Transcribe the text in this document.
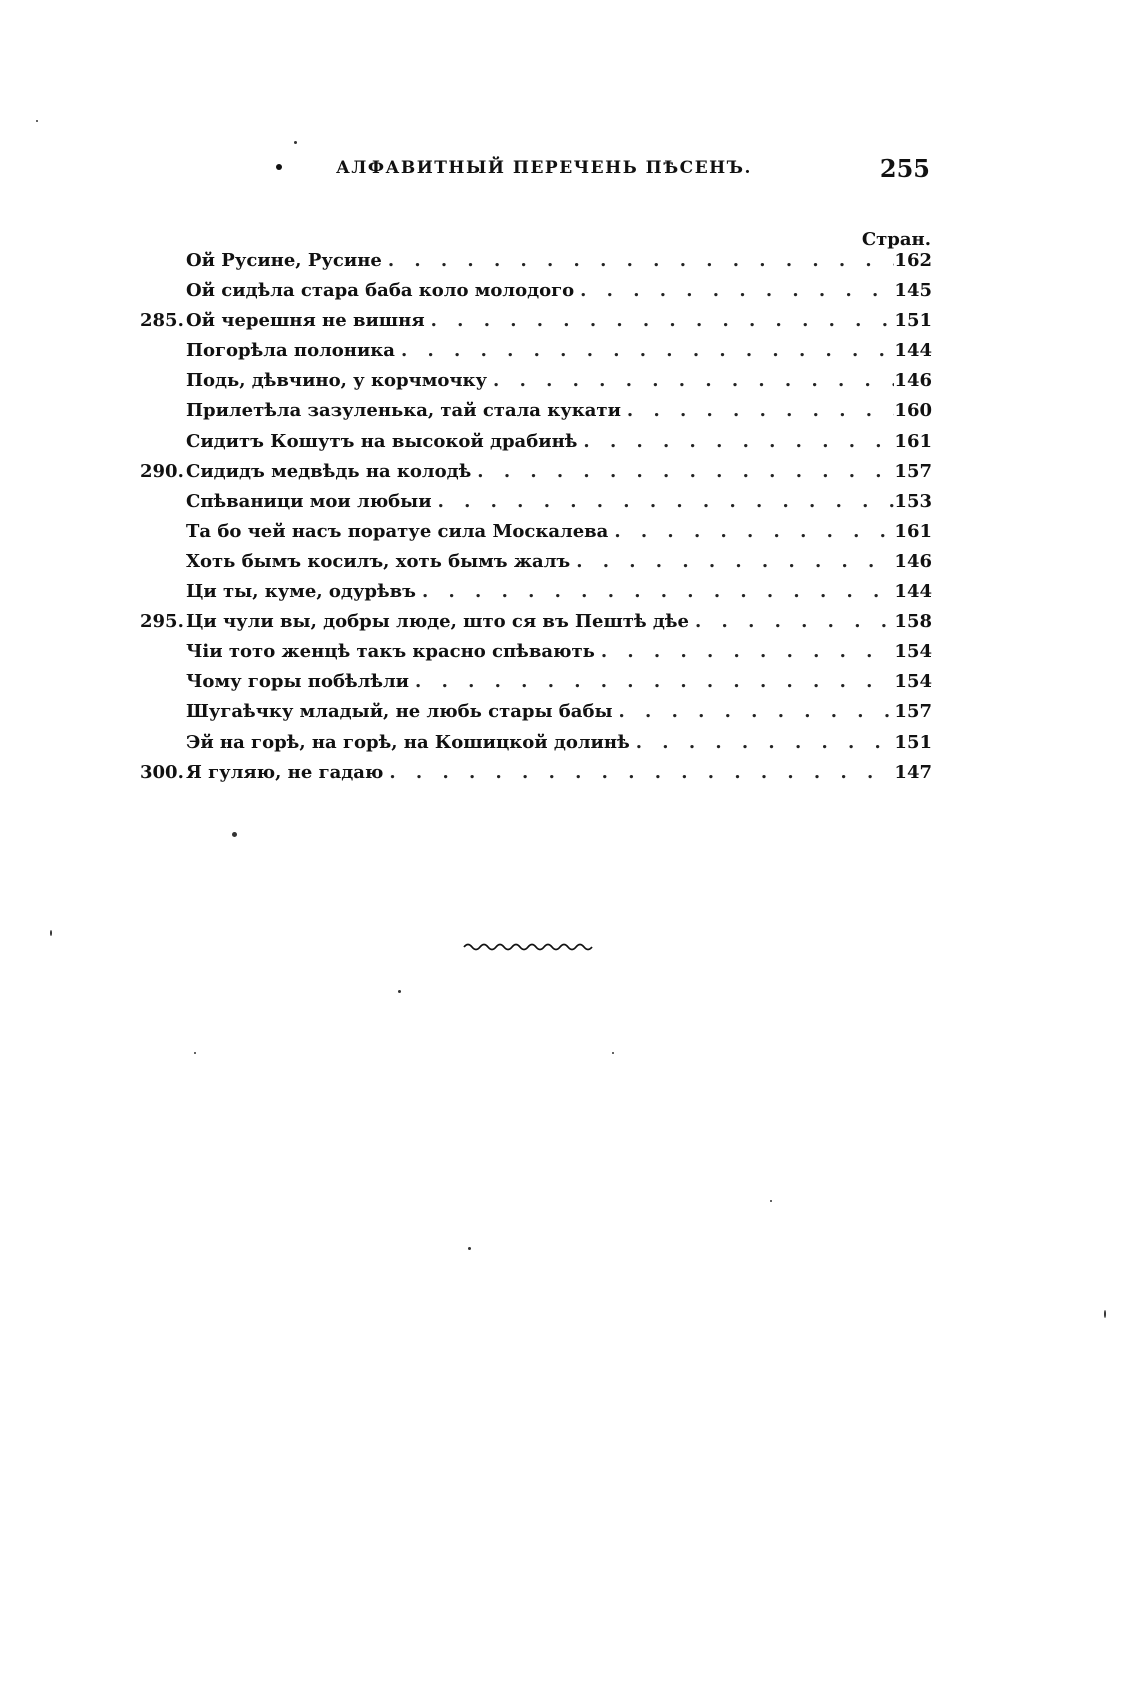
АЛФАВИТНЫЙ ПЕРЕЧЕНЬ ПѢСЕНЪ.	255
Стран.
Ой Русине, Русине . . .	162
Ой сидѣла стара баба коло молодого . . .	145
285. Ой черешня не вишня . . .	151
Погорѣла полоника . . .	144
Подь, дѣвчино, у корчмочку . . .	146
Прилетѣла зазуленька, тай стала кукати . . .	160
Сидитъ Кошутъ на высокой драбинѣ . . .	161
290. Сидидъ медвѣдь на колодѣ . . .	157
Спѣваници мои любыи . . .	153
Та бо чей насъ поратуе сила Москалева . . .	161
Хоть бымъ косилъ, хоть бымъ жалъ . . .	146
Ци ты, куме, одурѣвъ . . .	144
295. Ци чули вы, добры люде, што ся въ Пештѣ дѣе . . .	158
Чіи тото женцѣ такъ красно спѣвають . . .	154
Чому горы побѣлѣли . . .	154
Шугаѣчку младый, не любь стары бабы . . .	157
Эй на горѣ, на горѣ, на Кошицкой долинѣ . . .	151
300. Я гуляю, не гадаю . . .	147
